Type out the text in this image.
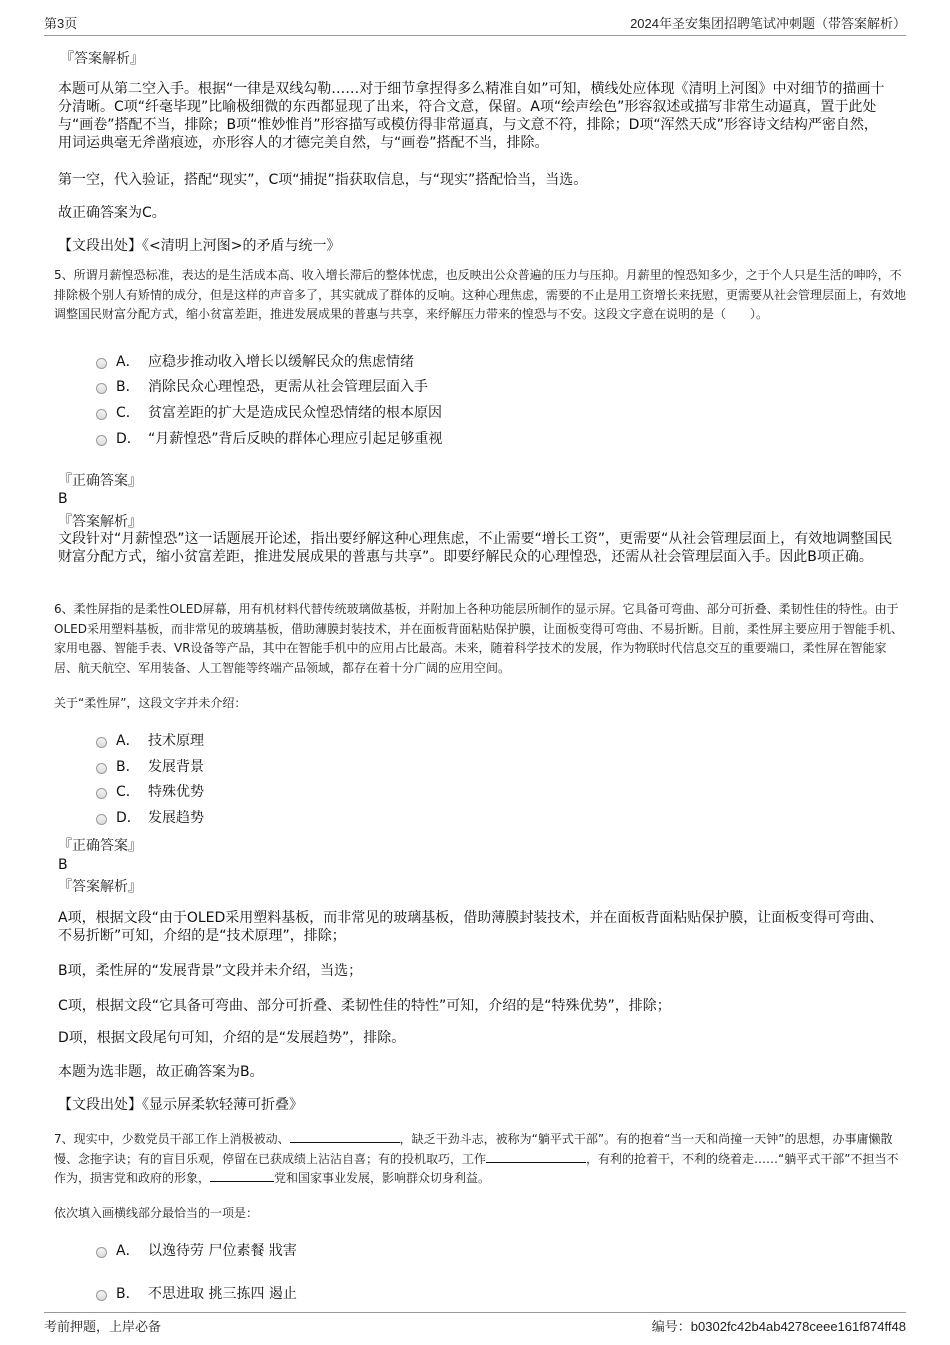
第3页	2024年圣安集团招聘笔试冲刺题（带答案解析）
『答案解析』
本题可从第二空入手。根据“一律是双线勾勒……对于细节拿捏得多么精准自如”可知，横线处应体现《清明上河图》中对细节的描画十分清晰。C项“纤毫毕现”比喻极细微的东西都显现了出来，符合文意，保留。A项“绘声绘色”形容叙述或描写非常生动逼真，置于此处与“画卷”搭配不当，排除；B项“惟妙惟肖”形容描写或模仿得非常逼真，与文意不符，排除；D项“浑然天成”形容诗文结构严密自然，用词运典毫无斧凿痕迹，亦形容人的才德完美自然，与“画卷”搭配不当，排除。
第一空，代入验证，搭配“现实”，C项“捕捉”指获取信息，与“现实”搭配恰当，当选。
故正确答案为C。
【文段出处】《<清明上河图>的矛盾与统一》
5、所谓月薪惶恐标准，表达的是生活成本高、收入增长滞后的整体忧虑，也反映出公众普遍的压力与压抑。月薪里的惶恐知多少，之于个人只是生活的呻吟，不排除极个别人有矫情的成分，但是这样的声音多了，其实就成了群体的反响。这种心理焦虑，需要的不止是用工资增长来抚慰，更需要从社会管理层面上，有效地调整国民财富分配方式，缩小贫富差距，推进发展成果的普惠与共享，来纾解压力带来的惶恐与不安。这段文字意在说明的是（　　）。
A． 应稳步推动收入增长以缓解民众的焦虑情绪
B． 消除民众心理惶恐，更需从社会管理层面入手
C． 贫富差距的扩大是造成民众惶恐情绪的根本原因
D． “月薪惶恐”背后反映的群体心理应引起足够重视
『正确答案』
B
『答案解析』
文段针对“月薪惶恐”这一话题展开论述，指出要纾解这种心理焦虑，不止需要“增长工资”，更需要“从社会管理层面上，有效地调整国民财富分配方式，缩小贫富差距，推进发展成果的普惠与共享”。即要纾解民众的心理惶恐，还需从社会管理层面入手。因此B项正确。
6、柔性屏指的是柔性OLED屏幕，用有机材料代替传统玻璃做基板，并附加上各种功能层所制作的显示屏。它具备可弯曲、部分可折叠、柔韧性佳的特性。由于OLED采用塑料基板，而非常见的玻璃基板，借助薄膜封装技术，并在面板背面粘贴保护膜，让面板变得可弯曲、不易折断。目前，柔性屏主要应用于智能手机、家用电器、智能手表、VR设备等产品，其中在智能手机中的应用占比最高。未来，随着科学技术的发展，作为物联时代信息交互的重要端口，柔性屏在智能家居、航天航空、军用装备、人工智能等终端产品领域，都存在着十分广阔的应用空间。
关于“柔性屏”，这段文字并未介绍：
A． 技术原理
B． 发展背景
C． 特殊优势
D． 发展趋势
『正确答案』
B
『答案解析』
A项，根据文段“由于OLED采用塑料基板，而非常见的玻璃基板，借助薄膜封装技术，并在面板背面粘贴保护膜，让面板变得可弯曲、不易折断”可知，介绍的是“技术原理”，排除；
B项，柔性屏的“发展背景”文段并未介绍，当选；
C项，根据文段“它具备可弯曲、部分可折叠、柔韧性佳的特性”可知，介绍的是“特殊优势”，排除；
D项，根据文段尾句可知，介绍的是“发展趋势”，排除。
本题为选非题，故正确答案为B。
【文段出处】《显示屏柔软轻薄可折叠》
7、现实中，少数党员干部工作上消极被动、	，缺乏干劲斗志，被称为“躺平式干部”。有的抱着“当一天和尚撞一天钟”的思想，办事庸懒散慢、念拖字诀；有的盲目乐观，停留在已获成绩上沾沾自喜；有的投机取巧，工作	，有利的抢着干，不利的绕着走……“躺平式干部”不担当不作为，损害党和政府的形象，	党和国家事业发展，影响群众切身利益。
依次填入画横线部分最恰当的一项是：
A． 以逸待劳 尸位素餐 戕害
B． 不思进取 挑三拣四 遏止
考前押题，上岸必备	编号：b0302fc42b4ab4278ceee161f874ff48
